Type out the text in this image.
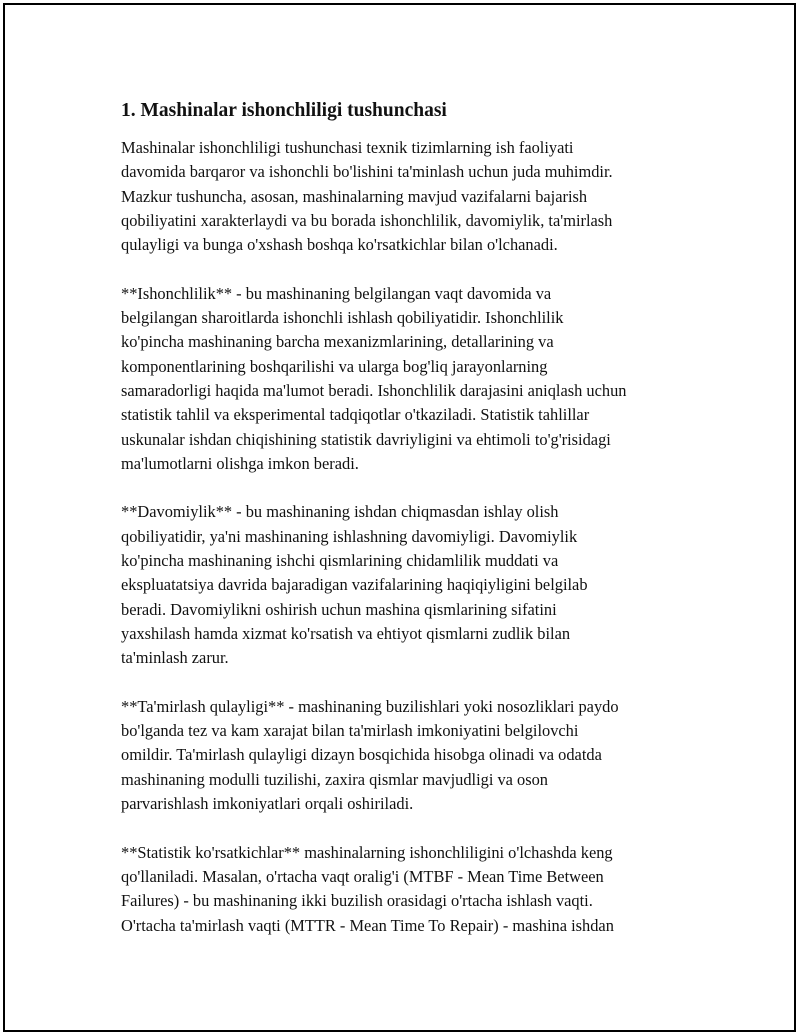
1. Mashinalar ishonchliligi tushunchasi

Mashinalar ishonchliligi tushunchasi texnik tizimlarning ish faoliyati
davomida barqaror va ishonchli bo'lishini ta'minlash uchun juda muhimdir.
Mazkur tushuncha, asosan, mashinalarning mavjud vazifalarni bajarish
qobiliyatini xarakterlaydi va bu borada ishonchlilik, davomiylik, ta'mirlash
qulayligi va bunga o'xshash boshqa ko'rsatkichlar bilan o'lchanadi.

**Ishonchlilik** - bu mashinaning belgilangan vaqt davomida va
belgilangan sharoitlarda ishonchli ishlash qobiliyatidir. Ishonchlilik
ko'pincha mashinaning barcha mexanizmlarining, detallarining va
komponentlarining boshqarilishi va ularga bog'liq jarayonlarning
samaradorligi haqida ma'lumot beradi. Ishonchlilik darajasini aniqlash uchun
statistik tahlil va eksperimental tadqiqotlar o'tkaziladi. Statistik tahlillar
uskunalar ishdan chiqishining statistik davriyligini va ehtimoli to'g'risidagi
ma'lumotlarni olishga imkon beradi.

**Davomiylik** - bu mashinaning ishdan chiqmasdan ishlay olish
qobiliyatidir, ya'ni mashinaning ishlashning davomiyligi. Davomiylik
ko'pincha mashinaning ishchi qismlarining chidamlilik muddati va
ekspluatatsiya davrida bajaradigan vazifalarining haqiqiyligini belgilab
beradi. Davomiylikni oshirish uchun mashina qismlarining sifatini
yaxshilash hamda xizmat ko'rsatish va ehtiyot qismlarni zudlik bilan
ta'minlash zarur.

**Ta'mirlash qulayligi** - mashinaning buzilishlari yoki nosozliklari paydo
bo'lganda tez va kam xarajat bilan ta'mirlash imkoniyatini belgilovchi
omildir. Ta'mirlash qulayligi dizayn bosqichida hisobga olinadi va odatda
mashinaning modulli tuzilishi, zaxira qismlar mavjudligi va oson
parvarishlash imkoniyatlari orqali oshiriladi.

**Statistik ko'rsatkichlar** mashinalarning ishonchliligini o'lchashda keng
qo'llaniladi. Masalan, o'rtacha vaqt oralig'i (MTBF - Mean Time Between
Failures) - bu mashinaning ikki buzilish orasidagi o'rtacha ishlash vaqti.
O'rtacha ta'mirlash vaqti (MTTR - Mean Time To Repair) - mashina ishdan
